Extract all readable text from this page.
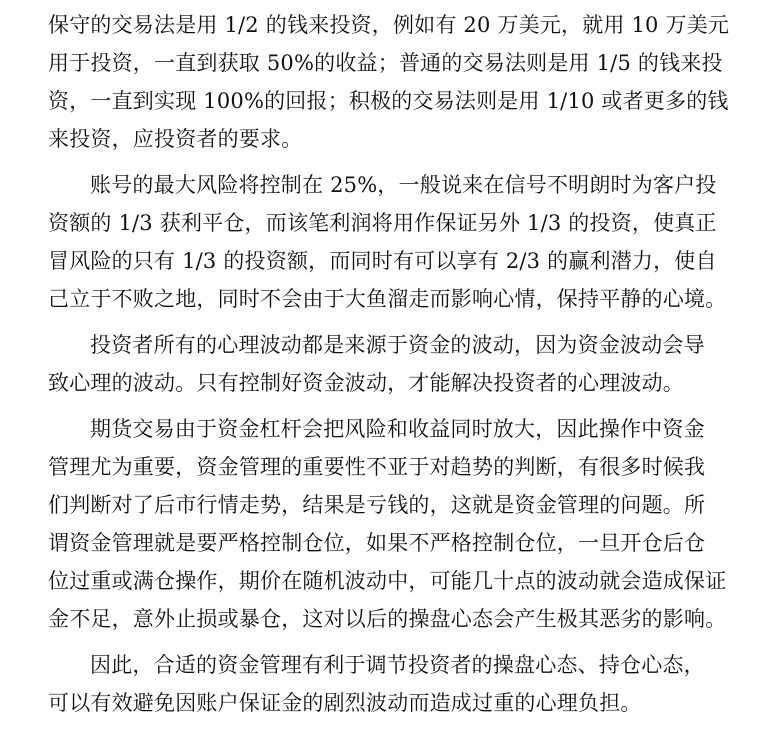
保守的交易法是用 1/2 的钱来投资，例如有 20 万美元，就用 10 万美元
用于投资，一直到获取 50%的收益；普通的交易法则是用 1/5 的钱来投
资，一直到实现 100%的回报；积极的交易法则是用 1/10 或者更多的钱
来投资，应投资者的要求。
账号的最大风险将控制在 25%，一般说来在信号不明朗时为客户投
资额的 1/3 获利平仓，而该笔利润将用作保证另外 1/3 的投资，使真正
冒风险的只有 1/3 的投资额，而同时有可以享有 2/3 的赢利潜力，使自
己立于不败之地，同时不会由于大鱼溜走而影响心情，保持平静的心境。
投资者所有的心理波动都是来源于资金的波动，因为资金波动会导
致心理的波动。只有控制好资金波动，才能解决投资者的心理波动。
期货交易由于资金杠杆会把风险和收益同时放大，因此操作中资金
管理尤为重要，资金管理的重要性不亚于对趋势的判断，有很多时候我
们判断对了后市行情走势，结果是亏钱的，这就是资金管理的问题。所
谓资金管理就是要严格控制仓位，如果不严格控制仓位，一旦开仓后仓
位过重或满仓操作，期价在随机波动中，可能几十点的波动就会造成保证
金不足，意外止损或暴仓，这对以后的操盘心态会产生极其恶劣的影响。
因此，合适的资金管理有利于调节投资者的操盘心态、持仓心态，
可以有效避免因账户保证金的剧烈波动而造成过重的心理负担。
